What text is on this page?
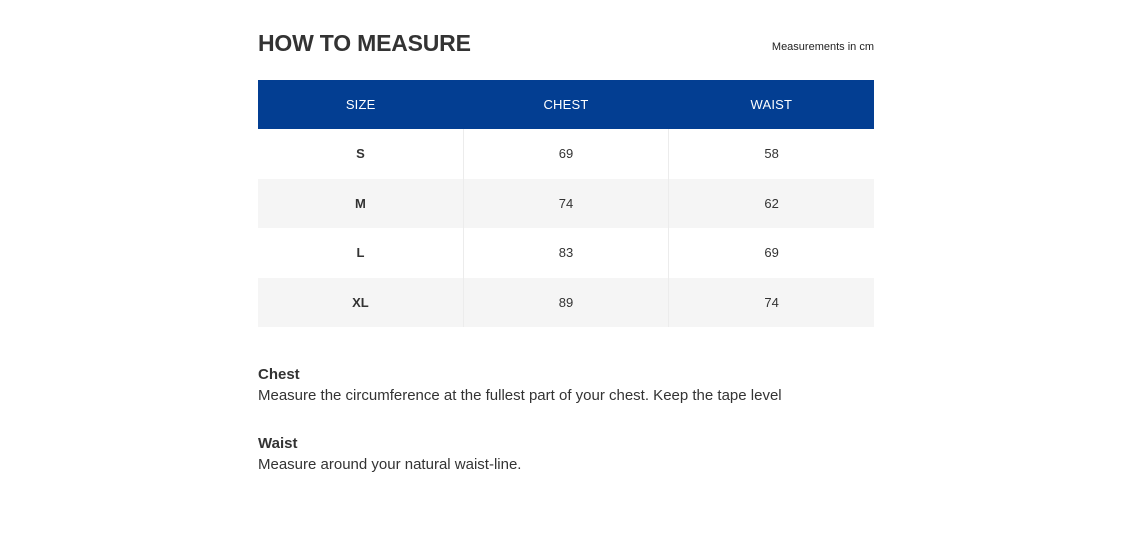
HOW TO MEASURE	Measurements in cm
SIZE	CHEST	WAIST
S	69	58
M	74	62
L	83	69
XL	89	74
Chest
Measure the circumference at the fullest part of your chest. Keep the tape level
Waist
Measure around your natural waist-line.
